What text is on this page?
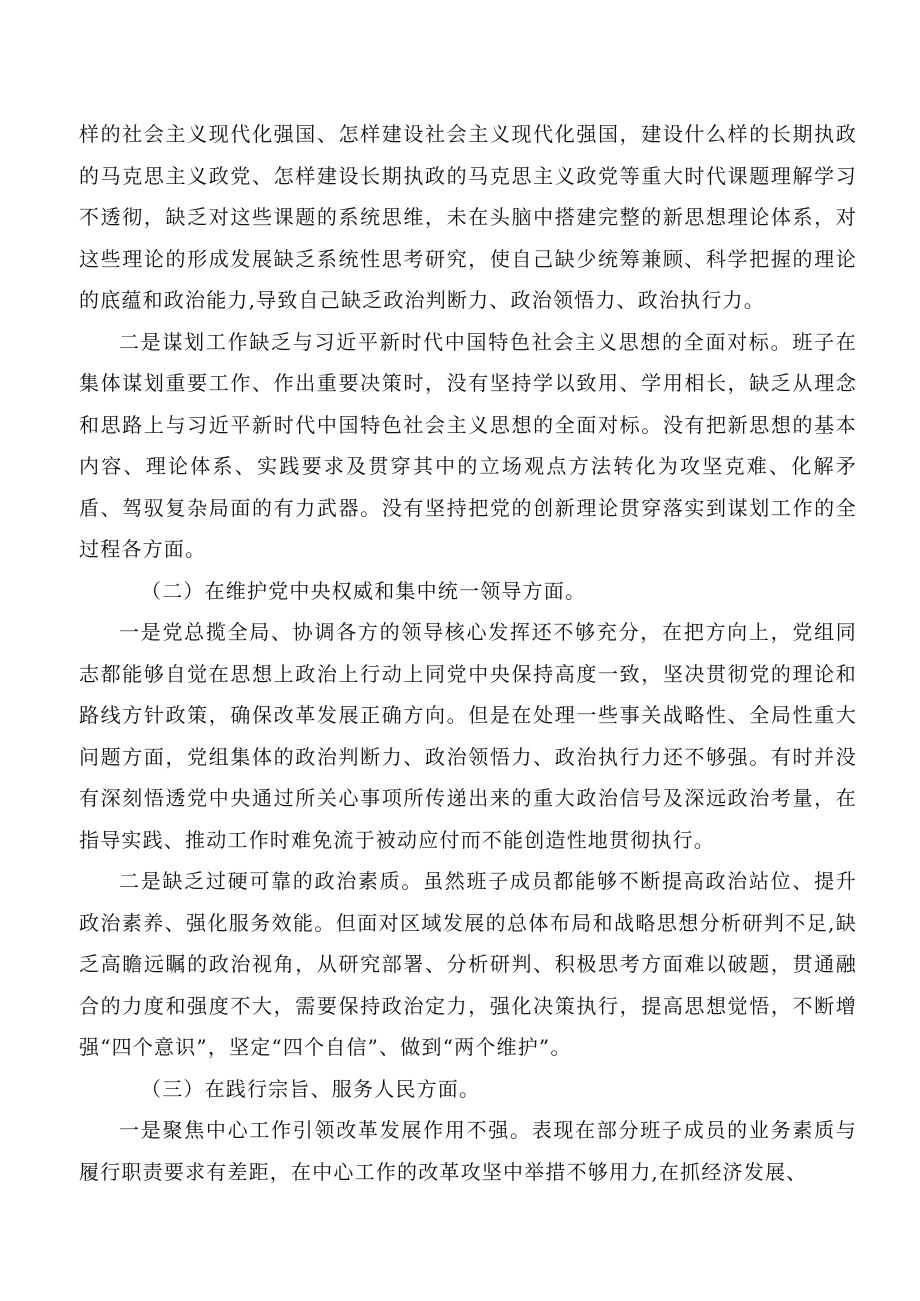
样的社会主义现代化强国、怎样建设社会主义现代化强国，建设什么样的长期执政的马克思主义政党、怎样建设长期执政的马克思主义政党等重大时代课题理解学习不透彻，缺乏对这些课题的系统思维，未在头脑中搭建完整的新思想理论体系，对这些理论的形成发展缺乏系统性思考研究，使自己缺少统筹兼顾、科学把握的理论的底蕴和政治能力,导致自己缺乏政治判断力、政治领悟力、政治执行力。

二是谋划工作缺乏与习近平新时代中国特色社会主义思想的全面对标。班子在集体谋划重要工作、作出重要决策时，没有坚持学以致用、学用相长，缺乏从理念和思路上与习近平新时代中国特色社会主义思想的全面对标。没有把新思想的基本内容、理论体系、实践要求及贯穿其中的立场观点方法转化为攻坚克难、化解矛盾、驾驭复杂局面的有力武器。没有坚持把党的创新理论贯穿落实到谋划工作的全过程各方面。

（二）在维护党中央权威和集中统一领导方面。

一是党总揽全局、协调各方的领导核心发挥还不够充分，在把方向上，党组同志都能够自觉在思想上政治上行动上同党中央保持高度一致，坚决贯彻党的理论和路线方针政策，确保改革发展正确方向。但是在处理一些事关战略性、全局性重大问题方面，党组集体的政治判断力、政治领悟力、政治执行力还不够强。有时并没有深刻悟透党中央通过所关心事项所传递出来的重大政治信号及深远政治考量，在指导实践、推动工作时难免流于被动应付而不能创造性地贯彻执行。

二是缺乏过硬可靠的政治素质。虽然班子成员都能够不断提高政治站位、提升政治素养、强化服务效能。但面对区域发展的总体布局和战略思想分析研判不足,缺乏高瞻远瞩的政治视角，从研究部署、分析研判、积极思考方面难以破题，贯通融合的力度和强度不大，需要保持政治定力，强化决策执行，提高思想觉悟，不断增强“四个意识”，坚定“四个自信”、做到“两个维护”。

（三）在践行宗旨、服务人民方面。

一是聚焦中心工作引领改革发展作用不强。表现在部分班子成员的业务素质与履行职责要求有差距，在中心工作的改革攻坚中举措不够用力,在抓经济发展、
